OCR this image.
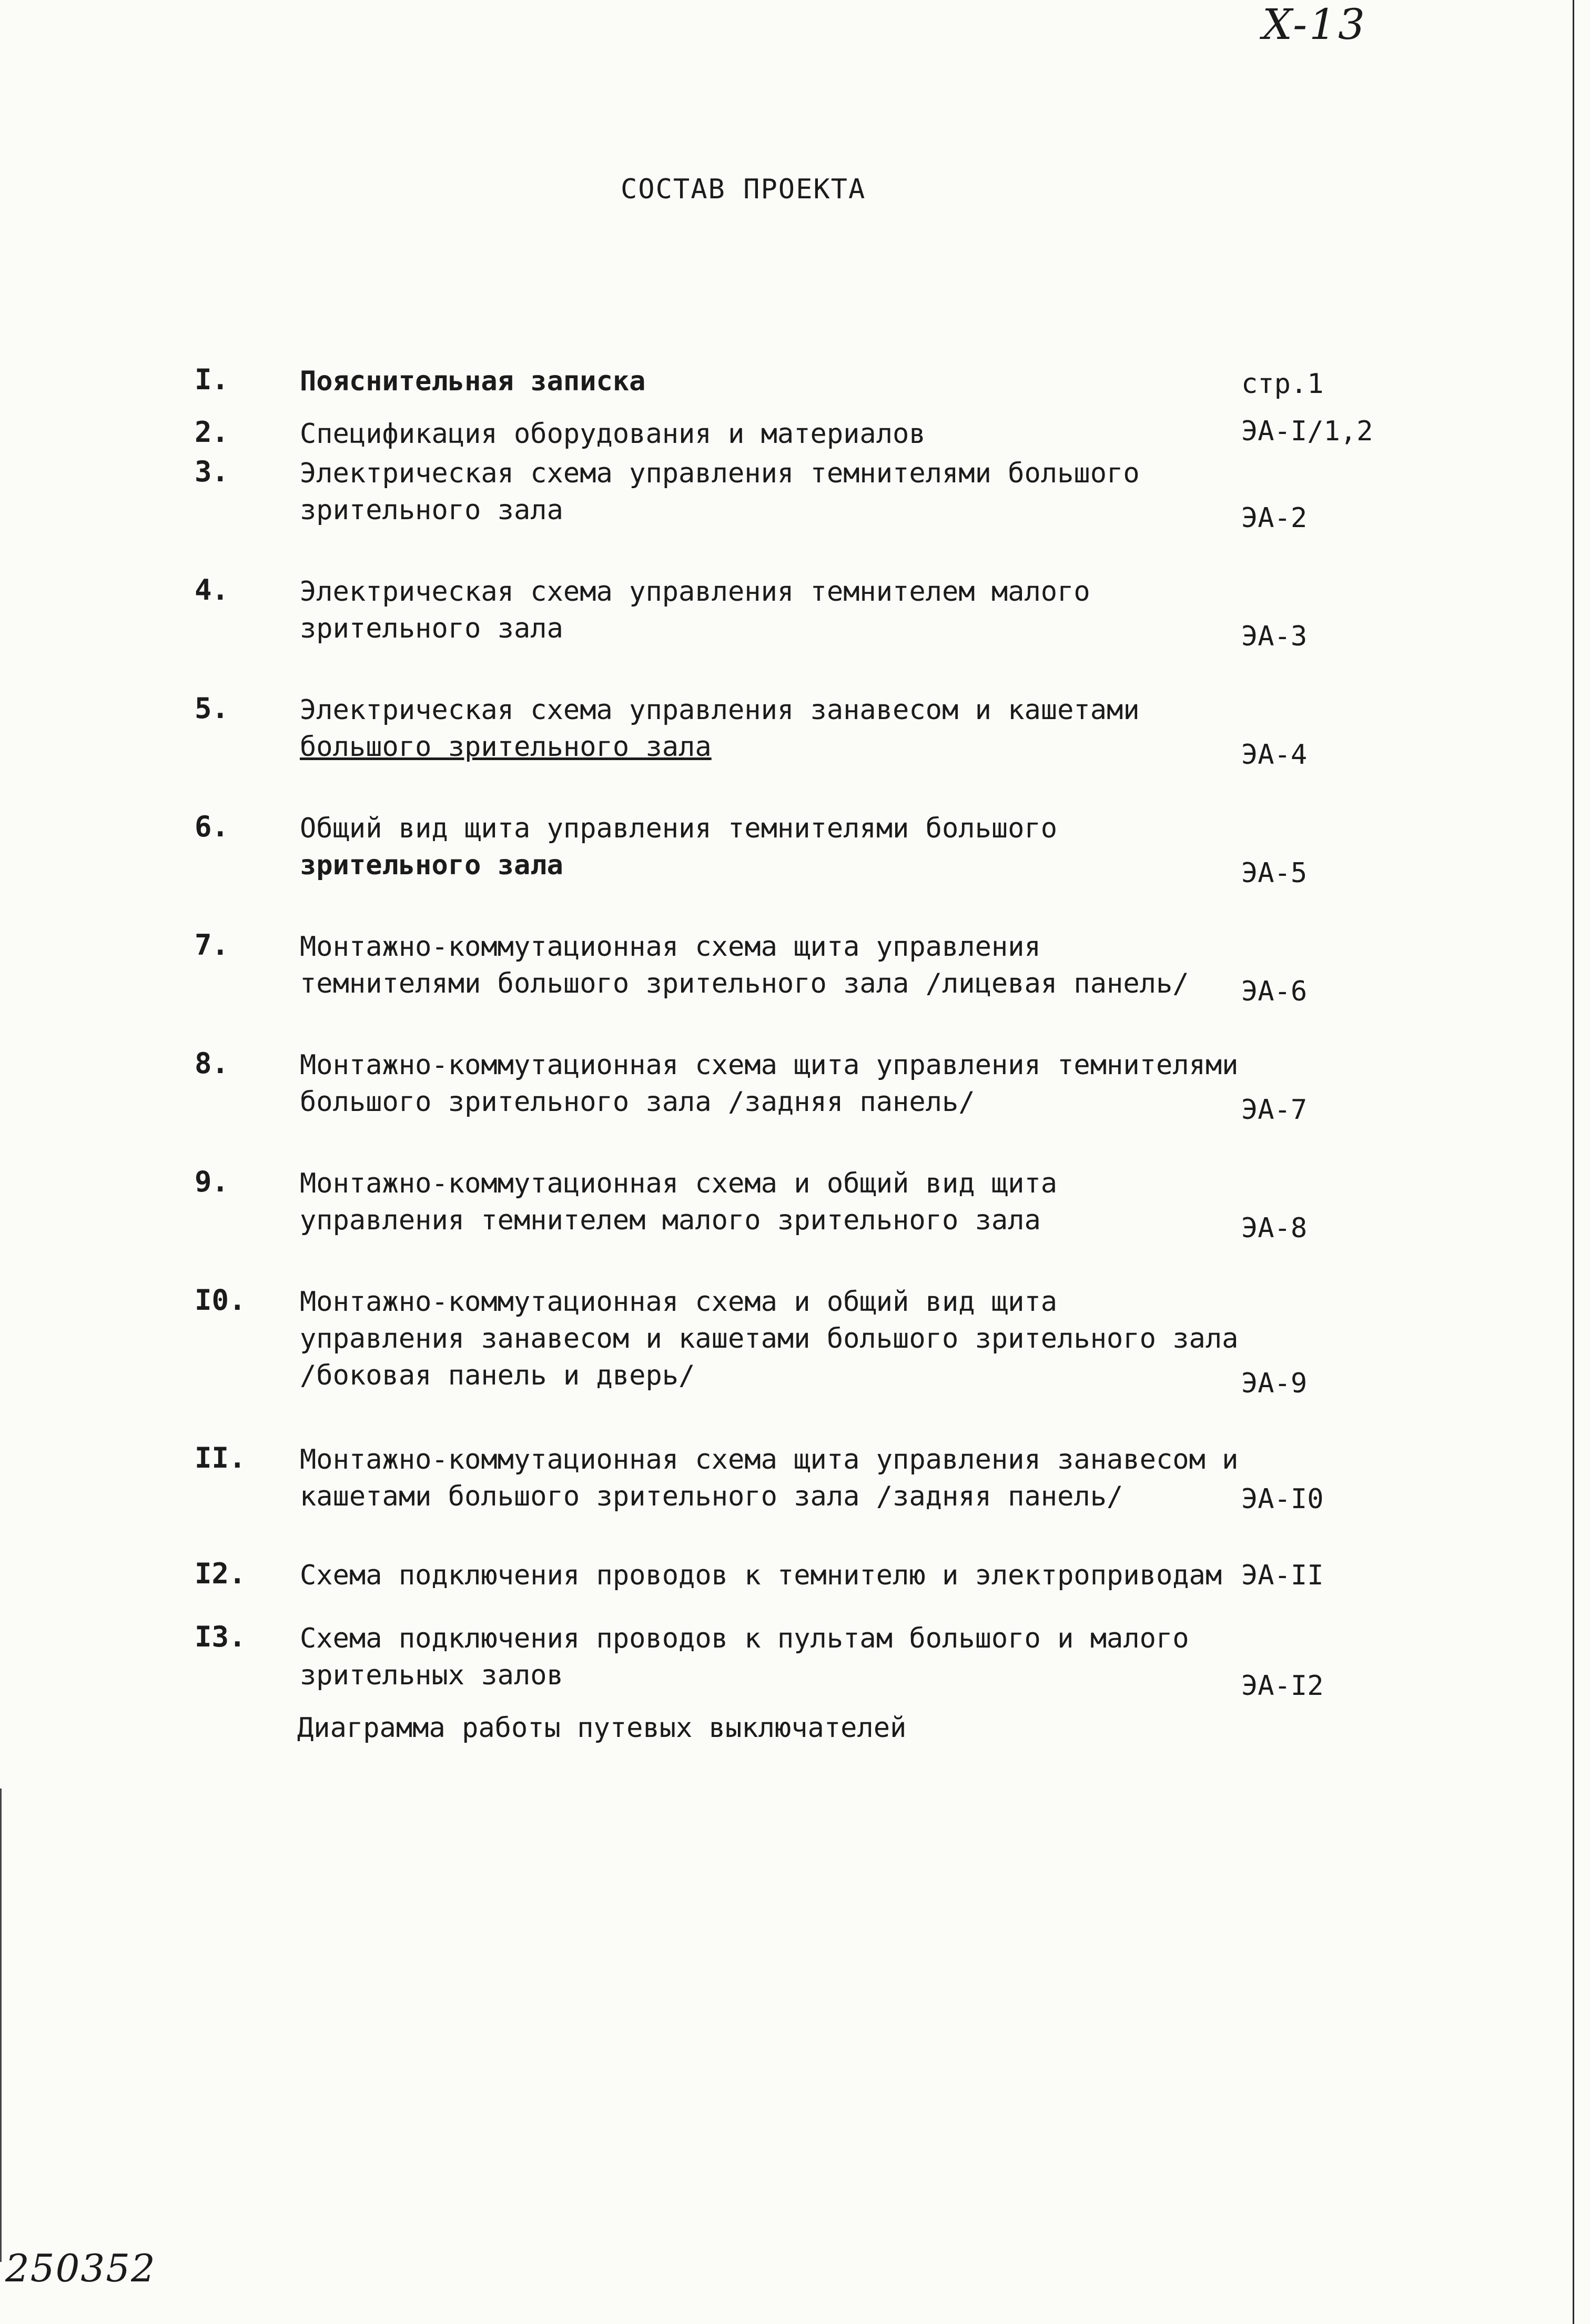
X-13
СОСТАВ ПРОЕКТА
I.	Пояснительная записка	стр.1
2.	Спецификация оборудования и материалов	ЭА-I/1,2
3.	Электрическая схема управления темнителями большого
зрительного зала	ЭА-2
4.	Электрическая схема управления темнителем малого
зрительного зала	ЭА-3
5.	Электрическая схема управления занавесом и кашетами
большого зрительного зала	ЭА-4
6.	Общий вид щита управления темнителями большого
зрительного зала	ЭА-5
7.	Монтажно-коммутационная схема щита управления
темнителями большого зрительного зала /лицевая панель/	ЭА-6
8.	Монтажно-коммутационная схема щита управления темнителями
большого зрительного зала /задняя панель/	ЭА-7
9.	Монтажно-коммутационная схема и общий вид щита
управления темнителем малого зрительного зала	ЭА-8
I0.	Монтажно-коммутационная схема и общий вид щита
управления занавесом и кашетами большого зрительного зала
/боковая панель и дверь/	ЭА-9
II.	Монтажно-коммутационная схема щита управления занавесом и
кашетами большого зрительного зала /задняя панель/	ЭА-I0
I2.	Схема подключения проводов к темнителю и электроприводам ЭА-II
I3.	Схема подключения проводов к пультам большого и малого
зрительных залов	ЭА-I2
Диаграмма работы путевых выключателей
250352
